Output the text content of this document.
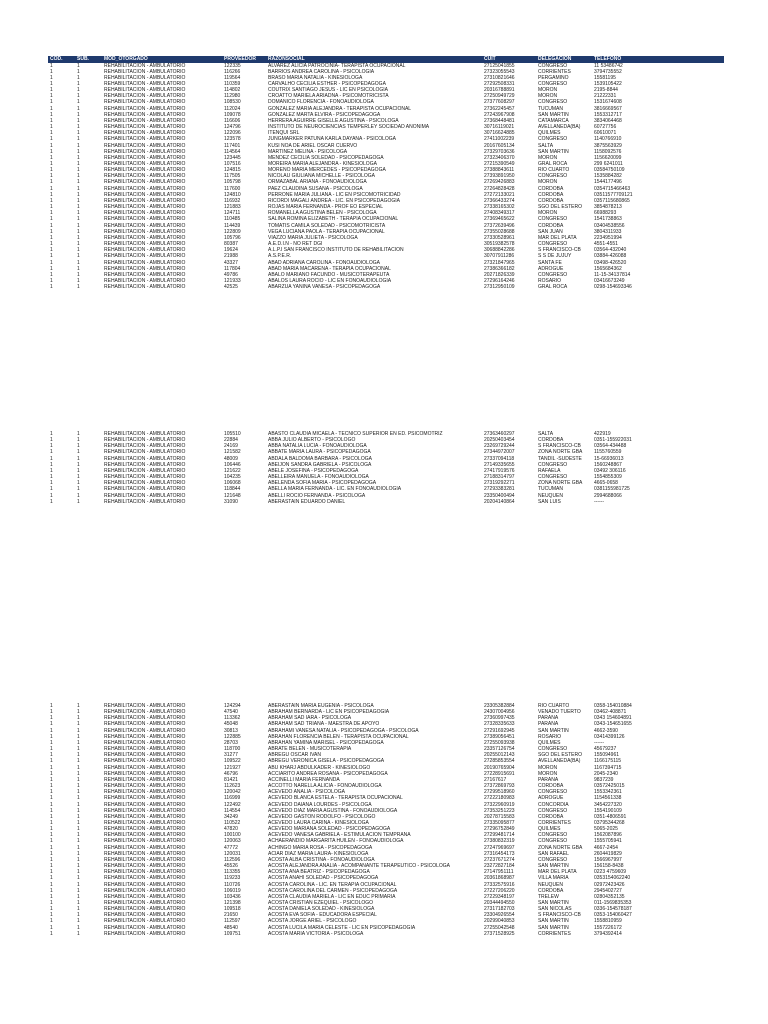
COD.	SUB.	MOD_OTORGADO	PROVEEDOR	RAZONSOCIAL	CUIT	DELEGACION	TELEFONO
1	1	REHABILITACION - AMBULATORIO	122335	ALVAREZ ALICIA PATROCINIA- TERAPISTA OCUPACIONAL	27125041855	CONGRESO	11 53486742
1	1	REHABILITACION - AMBULATORIO	116266	BARRIOS ANDREA CAROLINA - PSICOLOGIA	27323055543	CORRIENTES	3794735552
1	1	REHABILITACION - AMBULATORIO	119564	BRASO MARIA NATALIA - KINESIOLOGA	27310821646	PERGAMINO	15581195
1	1	REHABILITACION - AMBULATORIO	110359	CARVALHO CECILIA ESTHER - PSICOPEDAGOGA	27292508331	CONGRESO	1539105422
1	1	REHABILITACION - AMBULATORIO	114802	COUTRIX SANTIAGO JESUS - LIC EN PSICOLOGIA	20316788891	MORON	2195-8844
1	1	REHABILITACION - AMBULATORIO	112980	CROATTO MARIELA ARIADNA - PSICOMOTRICISTA	27250949729	MORON	21222331
1	1	REHABILITACION - AMBULATORIO	108530	DOMANICO FLORENCIA - FONOAUDIOLOGA	27377608297	CONGRESO	1531674608
1	1	REHABILITACION - AMBULATORIO	112024	GONZALEZ MARIA ALEJANDRA - TERAPISTA OCUPACIONAL	27362245457	TUCUMAN	3816669567
1	1	REHABILITACION - AMBULATORIO	109078	GONZALEZ MARTA ELVIRA - PSICOPEDAGOGA	27243967908	SAN MARTIN	1553312717
1	1	REHABILITACION - AMBULATORIO	116606	HERRERA AGUIRRE GISELLE AGUSTINA - PSICOLOGA	27368448481	CATAMARCA	3834064468
1	1	REHABILITACION - AMBULATORIO	124796	INSTITUTO DE NEUROCIENCIAS TEMPERLEY SOCIEDAD ANONIMA	30716119021	AVELLANEDA(BA)	60727756
1	1	REHABILITACION - AMBULATORIO	122096	ITENQUI SRL	30716624885	QUILMES	60610071
1	1	REHABILITACION - AMBULATORIO	123578	JUNGMARKER PATUNA KARLA DAYANA - PSICOLOGA	27411002239	CONGRESO	1140766910
1	1	REHABILITACION - AMBULATORIO	117401	KUSI NOA DE ARIEL OSCAR CUERVO	20167605134	SALTA	3875563929
1	1	REHABILITACION - AMBULATORIO	114564	MARTINEZ MELINA - PSICOLOGA	27329703636	SAN MARTIN	1158092576
1	1	REHABILITACION - AMBULATORIO	123445	MENDEZ CECILIA SOLEDAD - PSICOPEDAGOGA	27323406370	MORON	1156620099
1	1	REHABILITACION - AMBULATORIO	107516	MOREIRA MARIA ALEJANDRA - KINESIOLOGA	27215390549	GRAL ROCA	299 6241011
1	1	REHABILITACION - AMBULATORIO	124815	MORENO MARIA MERCEDES - PSICOPEDAGOGA	27388843611	RIO CUARTO	03584750109
1	1	REHABILITACION - AMBULATORIO	117505	NICOLAU GIULIANA MICHELLE - PSICOLOGA	27393891950	CONGRESO	1535884282
1	1	REHABILITACION - AMBULATORIO	105798	ORMAZABAL ARIANA - FONOAUDIOLOGA	27269426883	MORON	1544177496
1	1	REHABILITACION - AMBULATORIO	117600	PAEZ CLAUDINA SUSANA - PSICOLOGA	27264828428	CORDOBA	0354715466463
1	1	REHABILITACION - AMBULATORIO	124810	PERRONE MARIA JULIANA - LIC EN PSICOMOTRICIDAD	27272133021	CORDOBA	03511577709121
1	1	REHABILITACION - AMBULATORIO	116932	RICORDI MAGALI ANDREA - LIC. EN PSICOPEDAGOGIA	27366433274	CORDOBA	0357115680865
1	1	REHABILITACION - AMBULATORIO	121883	ROJAS MARIA FERNANDA - PROF EO ESPECIAL	27338165302	SGO DEL ESTERO	3854878213
1	1	REHABILITACION - AMBULATORIO	124711	ROMANELLA AGUSTINA BELEN - PSICOLOGA	27408349317	MORON	66988293
1	1	REHABILITACION - AMBULATORIO	110485	SALINA ROMINA ELIZABETH - TERAPIA OCUPACIONAL	27369465622	CONGRESO	1541738863
1	1	REHABILITACION - AMBULATORIO	114439	TOMATIS CAMILA SOLEDAD - PSICOMOTRICISTA	27372639496	CORDOBA	03404538556
1	1	REHABILITACION - AMBULATORIO	122809	VEGA LUCIANA PAOLA - TERAPIA OCUPACIONAL	27355028688	SAN JUAN	3804311933
1	1	REHABILITACION - AMBULATORIO	105796	VIAZZO MARIA JULIETA - PSICOLOGA	27330528961	MAR DEL PLATA	2234951994
1	1	REHABILITACION - AMBULATORIO	80387	A.E.D.I.N - NO RET DGI	30519382578	CONGRESO	4551-4551
1	1	REHABILITACION - AMBULATORIO	19624	A.L.P.I SAN FRANCISCO INSTITUTO DE REHABILITACION	30688842286	S FRANCISCO-CB	03564-432040
1	1	REHABILITACION - AMBULATORIO	21988	A.S.P.E.R.	30707911286	S S DE JUJUY	03884-426088
1	1	REHABILITACION - AMBULATORIO	43327	ABAD ADRIANA CAROLINA - FONOAUDIOLOGA	27321847965	SANTA FE	03498-426520
1	1	REHABILITACION - AMBULATORIO	117804	ABAD MARIA MACARENA - TERAPIA OCUPACIONAL	27386366182	ADROGUE	1565684362
1	1	REHABILITACION - AMBULATORIO	49786	ABALO MARIANO FACUNDO - MUSICOTERAPEUTA	20271826339	CONGRESO	11-15-34137814
1	1	REHABILITACION - AMBULATORIO	121933	ABALOS LAURA ROCIO - LIC EN FONOAUDIOLOGIA	27296164246	ROSARIO	03416673249
1	1	REHABILITACION - AMBULATORIO	42525	ABARZUA YANINA VANESA - PSICOPEDAGOGA	27312950109	GRAL ROCA	0298-154693346
1	1	REHABILITACION - AMBULATORIO	105510	ABASTO CLAUDIA MICAELA - TECNICO SUPERIOR EN ED. PSICOMOTRIZ	27363460297	SALTA	422919
1	1	REHABILITACION - AMBULATORIO	22884	ABBA JULIO ALBERTO - PSICOLOGO	20250403454	CORDOBA	0351-155922031
1	1	REHABILITACION - AMBULATORIO	24169	ABBA NATALIA LUCIA - FONOAUDIOLOGA	23269729244	S FRANCISCO-CB	03564-434488
1	1	REHABILITACION - AMBULATORIO	121582	ABBATE MARIA LAURA - PSICOPEDAGOGA	27344972007	ZONA NORTE GBA	1155760559
1	1	REHABILITACION - AMBULATORIO	48009	ABDALA BALDOMA BARBARA - PSICOLOGA	27337094118	TANDIL -SUDESTE	15-66936013
1	1	REHABILITACION - AMBULATORIO	106446	ABEIJON SANDRA GABRIELA - PSICOLOGA	27149335655	CONGRESO	1560248867
1	1	REHABILITACION - AMBULATORIO	121622	ABELE JOSEFINA - PSICOPEDAGOGA	27417919576	RAFAELA	03492 306116
1	1	REHABILITACION - AMBULATORIO	104235	ABELLEIRA MANUELA - FONOAUDIOLOGA	27188314797	CONGRESO	1554855309
1	1	REHABILITACION - AMBULATORIO	106068	ABELENDA SOFIA MARIA - PSICOPEDAGOGA	27319292271	ZONA NORTE GBA	4665-0658
1	1	REHABILITACION - AMBULATORIO	118844	ABELLA MARIA FERNANDA - LIC. EN FONOAUDIOLOGIA	27293383281	TUCUMAN	0381155981725
1	1	REHABILITACION - AMBULATORIO	121648	ABELLI ROCIO FERNANDA - PSICOLOGA	23350400494	NEUQUEN	2994688066
1	1	REHABILITACION - AMBULATORIO	31090	ABERASTAIN EDUARDO DANIEL	20204140864	SAN LUIS	------
1	1	REHABILITACION - AMBULATORIO	124294	ABERASTAIN MARIA EUGENIA - PSICOLOGA	23305382884	RIO CUARTO	0358-154010884
1	1	REHABILITACION - AMBULATORIO	47540	ABRAHAM BERNARDA - LIC EN PSICOPEDAGOGIA	24307004956	VENADO TUERTO	03462-408871
1	1	REHABILITACION - AMBULATORIO	113362	ABRAHAM SAD IARA - PSICOLOGA	27360997435	PARANA	0343 154604891
1	1	REHABILITACION - AMBULATORIO	45048	ABRAHAM SAD TRIANA - MAESTRA DE APOYO	27328335633	PARANA	0343-154651655
1	1	REHABILITACION - AMBULATORIO	30813	ABRAHAMI VANESA NATALIA - PSICOPEDAGOGA - PSICOLOGA	27291692945	SAN MARTIN	4662-3590
1	1	REHABILITACION - AMBULATORIO	122885	ABRAHAN FLORENCIA BELEN - TERAPISTA OCUPACIONAL	27389056451	ROSARIO	03414399126
1	1	REHABILITACION - AMBULATORIO	28703	ABRAHAN YAMINA MARISEL - PSICOPEDAGOGA	27255093938	QUILMES	------
1	1	REHABILITACION - AMBULATORIO	118700	ABRATE BELEN - MUSICOTERAPIA	23357126754	CONGRESO	45679237
1	1	REHABILITACION - AMBULATORIO	31277	ABREGU OSCAR IVAN	20255012143	SGO DEL ESTERO	155094961
1	1	REHABILITACION - AMBULATORIO	109522	ABREGU VERONICA GISELA - PSICOPEDAGOGA	27285853554	AVELLANEDA(BA)	1166175115
1	1	REHABILITACION - AMBULATORIO	121927	ABU KHARJ ABDULKADER - KINESIOLOGO	20190765904	MORON	1167394715
1	1	REHABILITACION - AMBULATORIO	46796	ACCIARITO ANDREA ROSANA - PSICOPEDAGOGA	27228915691	MORON	2045-2340
1	1	REHABILITACION - AMBULATORIO	81421	ACCINELLI MARIA FERNANDA	27167617	PARANA	9837239
1	1	REHABILITACION - AMBULATORIO	112623	ACCOTTO NARELLA ALICIA - FONOAUDIOLOGA	27372869793	CORDOBA	03572425015
1	1	REHABILITACION - AMBULATORIO	120042	ACEVEDO ANALIA - PSICOLOGA	27299518960	CONGRESO	1553342361
1	1	REHABILITACION - AMBULATORIO	116999	ACEVEDO BLANCA ESTELA - TERAPISTA OCUPACIONAL	27222180983	ADROGUE	1154561338
1	1	REHABILITACION - AMBULATORIO	122492	ACEVEDO DAIANA LOURDES - PSICOLOGA	27322960919	CONCORDIA	3454227320
1	1	REHABILITACION - AMBULATORIO	114554	ACEVEDO DIAZ MARIA AGUSTINA - FONOAUDIOLOGA	27353251223	CONGRESO	1554190109
1	1	REHABILITACION - AMBULATORIO	34249	ACEVEDO GASTON RODOLFO - PSICOLOGO	20278715583	CORDOBA	0351-4806591
1	1	REHABILITACION - AMBULATORIO	110522	ACEVEDO LAURA CARINA - KINESIOLOGA	27335095877	CORRIENTES	03795344268
1	1	REHABILITACION - AMBULATORIO	47820	ACEVEDO MARIANA SOLEDAD - PSICOPEDAGOGA	27296752849	QUILMES	5065-2025
1	1	REHABILITACION - AMBULATORIO	100100	ACEVEDO VANESA GABRIELA - ESTIMULACION TEMPRANA	27299481714	CONGRESO	1562087896
1	1	REHABILITACION - AMBULATORIO	120063	ACHAERANDIO MARGARITA HUILEN - FONOAUDIOLOGA	27380832319	CONGRESO	1555705941
1	1	REHABILITACION - AMBULATORIO	47772	ACHINGO MARIA ROSA - PSICOPEDAGOGA	27247969697	ZONA NORTE GBA	4667-2454
1	1	REHABILITACION - AMBULATORIO	120031	ACIAR DIAZ MARIA LAURA- KINESIOLOGA	27316454173	SAN RAFAEL	2604419829
1	1	REHABILITACION - AMBULATORIO	112596	ACOSTA ALBA CRISTINA - FONOAUDIOLOGA	27237671274	CONGRESO	1566967997
1	1	REHABILITACION - AMBULATORIO	45526	ACOSTA ALEJANDRA ANALIA - ACOMPAÑANTE TERAPEUTICO - PSICOLOGA	23272827184	SAN MARTIN	156158-8438
1	1	REHABILITACION - AMBULATORIO	113355	ACOSTA ANA BEATRIZ - PSICOPEDAGOGA	27147951111	MAR DEL PLATA	0223 4759609
1	1	REHABILITACION - AMBULATORIO	119233	ACOSTA ANAHI SOLEDAD - PSICOPEDAGOGA	20361868987	VILLA MARIA	0353154062240
1	1	REHABILITACION - AMBULATORIO	110726	ACOSTA CAROLINA - LIC. EN TERAPIA OCUPACIONAL	27332575916	NEUQUEN	02972423426
1	1	REHABILITACION - AMBULATORIO	106019	ACOSTA CAROLINA DEL CARMEN - PSICOPEDAGOGA	27227206220	CORDOBA	2945402727
1	1	REHABILITACION - AMBULATORIO	103436	ACOSTA CLAUDIA MARIELA - LIC EN EDUC PRIMARIA	27229348197	TRELEW	02804352135
1	1	REHABILITACION - AMBULATORIO	121398	ACOSTA CRISTIAN EZEQUIEL - PSICOLOGO	20344494550	SAN MARTIN	011-1569835353
1	1	REHABILITACION - AMBULATORIO	109518	ACOSTA DANIELA SOLEDAD - KINESIOLOGA	27317182703	SAN NICOLAS	0336-154578187
1	1	REHABILITACION - AMBULATORIO	21650	ACOSTA EVA SOFIA - EDUCADORA ESPECIAL	23304926554	S FRANCISCO-CB	0353-154060427
1	1	REHABILITACION - AMBULATORIO	112597	ACOSTA JORGE ARIEL - PSICOLOGO	20299040853	SAN MARTIN	1558810959
1	1	REHABILITACION - AMBULATORIO	48540	ACOSTA LUCILA MARIA CELESTE - LIC EN PSICOPEDAGOGIA	27255042548	SAN MARTIN	1557226172
1	1	REHABILITACION - AMBULATORIO	109751	ACOSTA MARIA VICTORIA - PSICOLOGA	27371528925	CORRIENTES	3794392414
